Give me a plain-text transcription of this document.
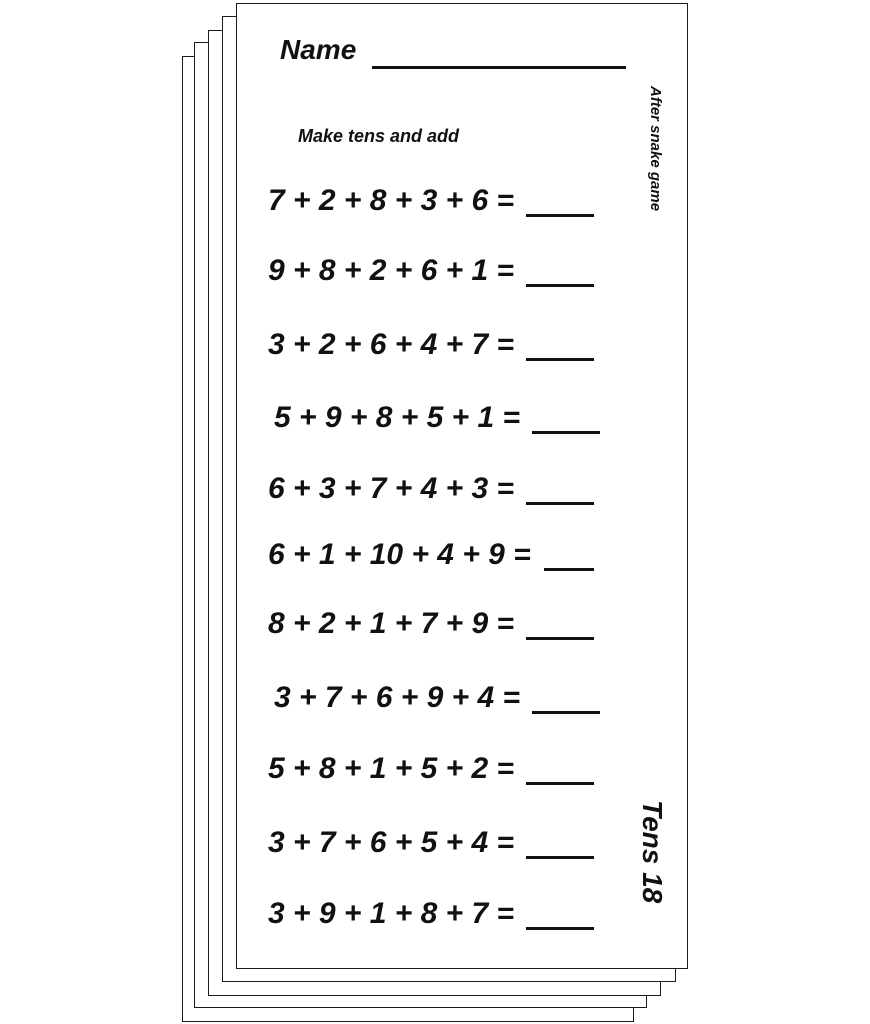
Name
Make tens and add	After snake game
Tens 18
7 + 2 + 8 + 3 + 6 =
9 + 8 + 2 + 6 + 1 =
3 + 2 + 6 + 4 + 7 =
5 + 9 + 8 + 5 + 1 =
6 + 3 + 7 + 4 + 3 =
6 + 1 + 10 + 4 + 9 =
8 + 2 + 1 + 7 + 9 =
3 + 7 + 6 + 9 + 4 =
5 + 8 + 1 + 5 + 2 =
3 + 7 + 6 + 5 + 4 =
3 + 9 + 1 + 8 + 7 =
